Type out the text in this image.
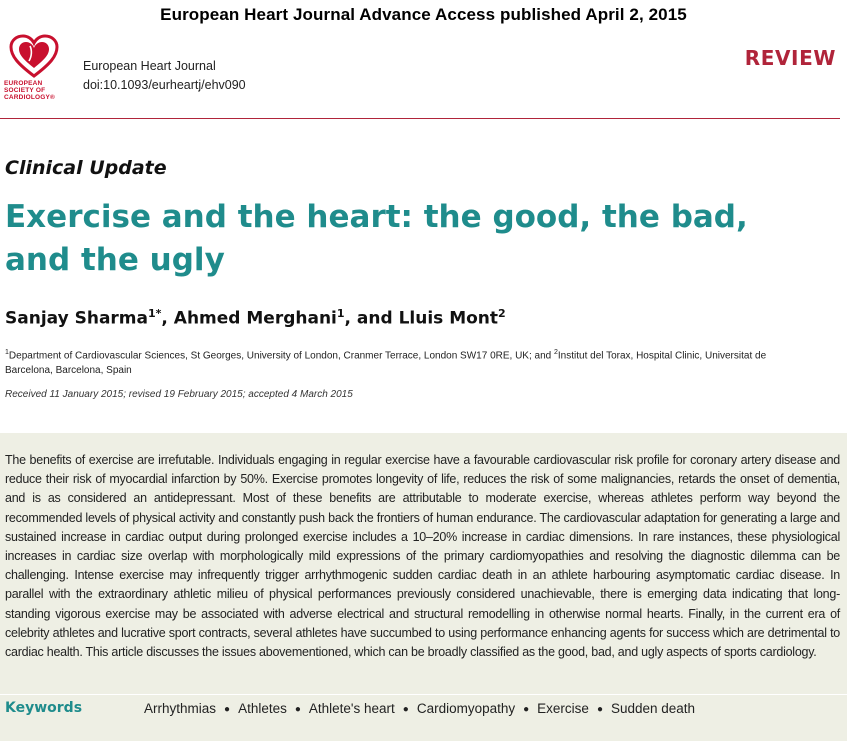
European Heart Journal Advance Access published April 2, 2015
EUROPEAN
SOCIETY OF
CARDIOLOGY®
European Heart Journal
doi:10.1093/eurheartj/ehv090
REVIEW
Clinical Update
Exercise and the heart: the good, the bad,
and the ugly
Sanjay Sharma$^{1*}$, Ahmed Merghani$^1$, and Lluis Mont$^2$
$^1$Department of Cardiovascular Sciences, St Georges, University of London, Cranmer Terrace, London SW17 0RE, UK; and $^2$Institut del Torax, Hospital Clinic, Universitat de Barcelona, Barcelona, Spain
Received 11 January 2015; revised 19 February 2015; accepted 4 March 2015
The benefits of exercise are irrefutable. Individuals engaging in regular exercise have a favourable cardiovascular risk profile for coronary artery disease and reduce their risk of myocardial infarction by 50%. Exercise promotes longevity of life, reduces the risk of some malignancies, retards the onset of dementia, and is as considered an antidepressant. Most of these benefits are attributable to moderate exercise, whereas athletes perform way beyond the recommended levels of physical activity and constantly push back the frontiers of human endurance. The cardiovascular adaptation for generating a large and sustained increase in cardiac output during prolonged exercise includes a 10–20% increase in cardiac dimensions. In rare instances, these physiological increases in cardiac size overlap with morphologically mild expressions of the primary cardiomyopathies and resolving the diagnostic dilemma can be challenging. Intense exercise may infrequently trigger arrhythmogenic sudden cardiac death in an athlete harbouring asymptomatic cardiac disease. In parallel with the extraordinary athletic milieu of physical performances previously considered unachievable, there is emerging data indicating that long-standing vigorous exercise may be associated with adverse electrical and structural remodelling in otherwise normal hearts. Finally, in the current era of celebrity athletes and lucrative sport contracts, several athletes have succumbed to using performance enhancing agents for success which are detrimental to cardiac health. This article discusses the issues abovementioned, which can be broadly classified as the good, bad, and ugly aspects of sports cardiology.
Keywords	Arrhythmias ● Athletes ● Athlete's heart ● Cardiomyopathy ● Exercise ● Sudden death
